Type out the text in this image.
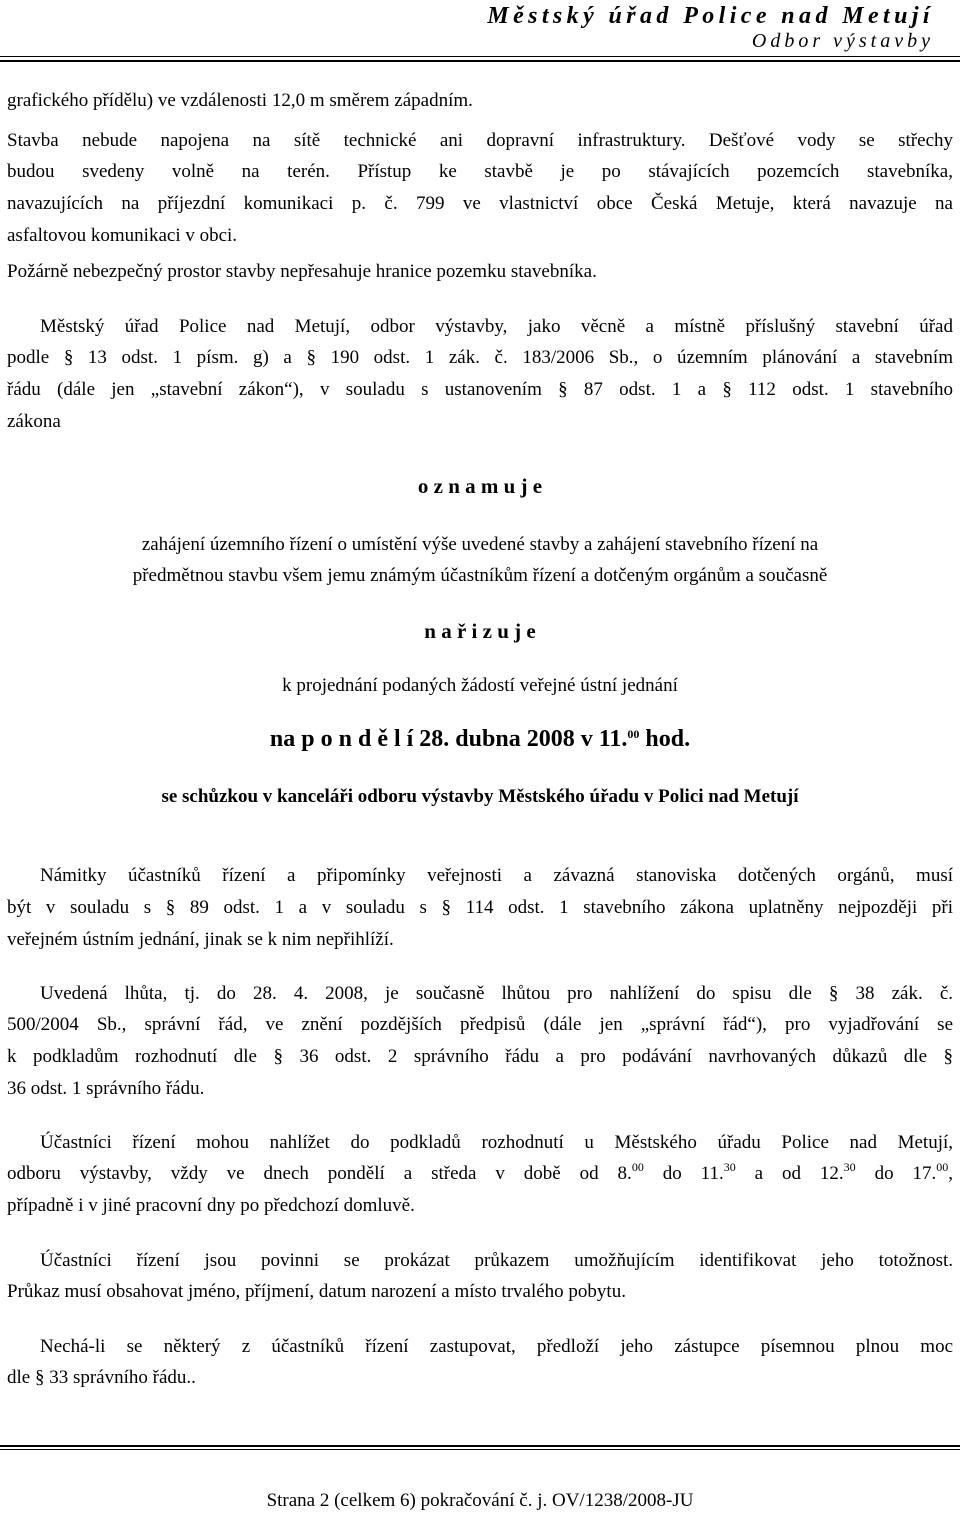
Městský úřad Police nad Metují
Odbor výstavby
grafického přídělu) ve vzdálenosti 12,0 m směrem západním.
Stavba nebude napojena na sítě technické ani dopravní infrastruktury. Dešťové vody se střechy
budou svedeny volně na terén. Přístup ke stavbě je po stávajících pozemcích stavebníka,
navazujících na příjezdní komunikaci p. č. 799 ve vlastnictví obce Česká Metuje, která navazuje na
asfaltovou komunikaci v obci.
Požárně nebezpečný prostor stavby nepřesahuje hranice pozemku stavebníka.
Městský úřad Police nad Metují, odbor výstavby, jako věcně a místně příslušný stavební úřad
podle § 13 odst. 1 písm. g) a § 190 odst. 1 zák. č. 183/2006 Sb., o územním plánování a stavebním
řádu (dále jen „stavební zákon“), v souladu s ustanovením § 87 odst. 1 a § 112 odst. 1 stavebního
zákona
o z n a m u j e
zahájení územního řízení o umístění výše uvedené stavby a zahájení stavebního řízení na
předmětnou stavbu všem jemu známým účastníkům řízení a dotčeným orgánům a současně
n a ř i z u j e
k projednání podaných žádostí veřejné ústní jednání
na p o n d ě l í 28. dubna 2008 v 11.00 hod.
se schůzkou v kanceláři odboru výstavby Městského úřadu v Polici nad Metují
Námitky účastníků řízení a připomínky veřejnosti a závazná stanoviska dotčených orgánů, musí
být v souladu s § 89 odst. 1 a v souladu s § 114 odst. 1 stavebního zákona uplatněny nejpozději při
veřejném ústním jednání, jinak se k nim nepřihlíží.
Uvedená lhůta, tj. do 28. 4. 2008, je současně lhůtou pro nahlížení do spisu dle § 38 zák. č.
500/2004 Sb., správní řád, ve znění pozdějších předpisů (dále jen „správní řád“), pro vyjadřování se
k podkladům rozhodnutí dle § 36 odst. 2 správního řádu a pro podávání navrhovaných důkazů dle §
36 odst. 1 správního řádu.
Účastníci řízení mohou nahlížet do podkladů rozhodnutí u Městského úřadu Police nad Metují,
odboru výstavby, vždy ve dnech pondělí a středa v době od 8.00 do 11.30 a od 12.30 do 17.00,
případně i v jiné pracovní dny po předchozí domluvě.
Účastníci řízení jsou povinni se prokázat průkazem umožňujícím identifikovat jeho totožnost.
Průkaz musí obsahovat jméno, příjmení, datum narození a místo trvalého pobytu.
Nechá-li se některý z účastníků řízení zastupovat, předloží jeho zástupce písemnou plnou moc
dle § 33 správního řádu..
Strana 2 (celkem 6) pokračování č. j. OV/1238/2008-JU
